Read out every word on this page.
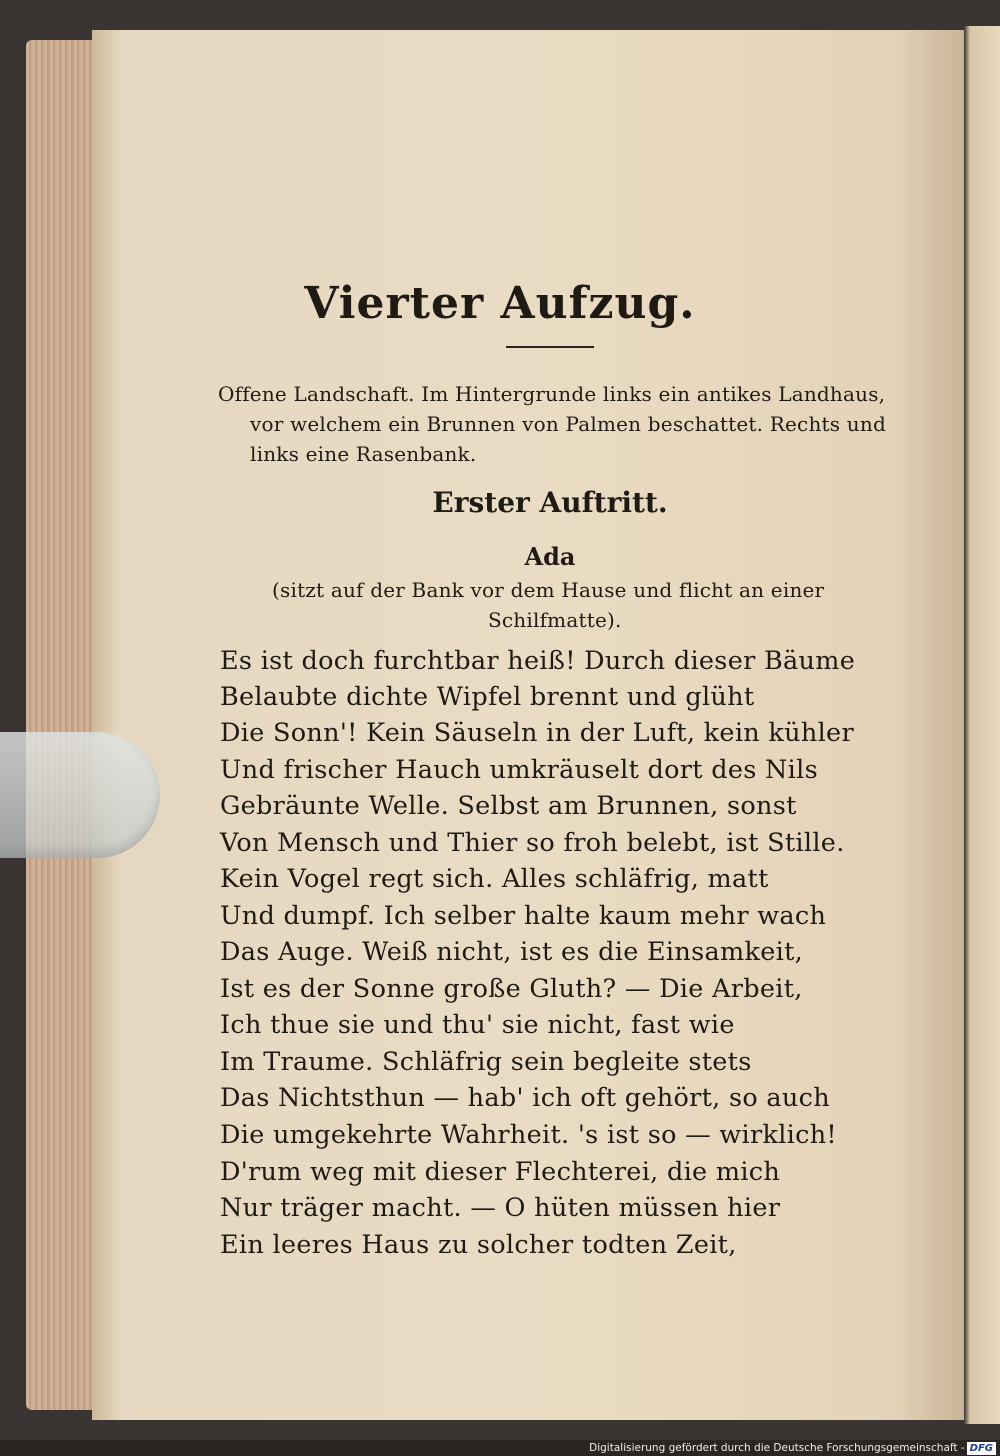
Vierter Aufzug.
Offene Landschaft. Im Hintergrunde links ein antikes Landhaus,
vor welchem ein Brunnen von Palmen beschattet. Rechts und
links eine Rasenbank.
Erster Auftritt.
Ada
(sitzt auf der Bank vor dem Hause und flicht an einer
Schilfmatte).
Es ist doch furchtbar heiß! Durch dieser Bäume
Belaubte dichte Wipfel brennt und glüht
Die Sonn'! Kein Säuseln in der Luft, kein kühler
Und frischer Hauch umkräuselt dort des Nils
Gebräunte Welle. Selbst am Brunnen, sonst
Von Mensch und Thier so froh belebt, ist Stille.
Kein Vogel regt sich. Alles schläfrig, matt
Und dumpf. Ich selber halte kaum mehr wach
Das Auge. Weiß nicht, ist es die Einsamkeit,
Ist es der Sonne große Gluth? — Die Arbeit,
Ich thue sie und thu' sie nicht, fast wie
Im Traume. Schläfrig sein begleite stets
Das Nichtsthun — hab' ich oft gehört, so auch
Die umgekehrte Wahrheit. 's ist so — wirklich!
D'rum weg mit dieser Flechterei, die mich
Nur träger macht. — O hüten müssen hier
Ein leeres Haus zu solcher todten Zeit,
Digitalisierung gefördert durch die Deutsche Forschungsgemeinschaft - DFG
